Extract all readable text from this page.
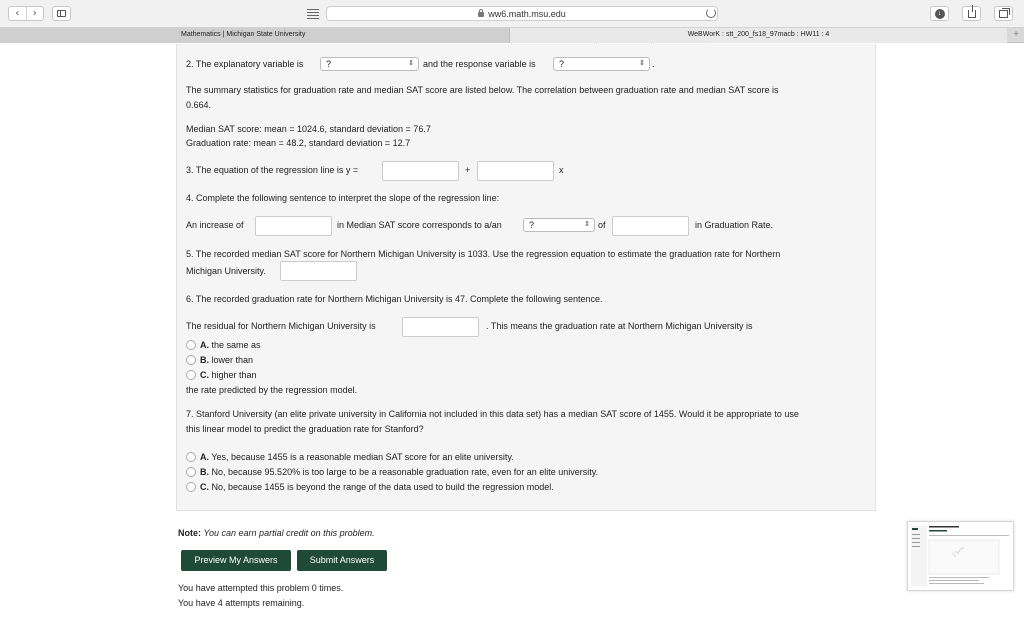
‹	›	ww6.math.msu.edu	↓
Mathematics | Michigan State University	WeBWorK : stt_200_fs18_97macb : HW11 : 4	+
2. The explanatory variable is	?	⇕ and the response variable is	?	⇕ .
The summary statistics for graduation rate and median SAT score are listed below. The correlation between graduation rate and median SAT score is
0.664.
Median SAT score: mean = 1024.6, standard deviation = 76.7
Graduation rate: mean = 48.2, standard deviation = 12.7
3. The equation of the regression line is y =	+	x
4. Complete the following sentence to interpret the slope of the regression line:
An increase of	in Median SAT score corresponds to a/an	?	⇕ of	in Graduation Rate.
5. The recorded median SAT score for Northern Michigan University is 1033. Use the regression equation to estimate the graduation rate for Northern
Michigan University.
6. The recorded graduation rate for Northern Michigan University is 47. Complete the following sentence.
The residual for Northern Michigan University is	. This means the graduation rate at Northern Michigan University is
A. the same as
B. lower than
C. higher than
the rate predicted by the regression model.
7. Stanford University (an elite private university in California not included in this data set) has a median SAT score of 1455. Would it be appropriate to use
this linear model to predict the graduation rate for Stanford?
A. Yes, because 1455 is a reasonable median SAT score for an elite university.
B. No, because 95.520% is too large to be a reasonable graduation rate, even for an elite university.
C. No, because 1455 is beyond the range of the data used to build the regression model.
Note: You can earn partial credit on this problem.
Preview My Answers	Submit Answers
You have attempted this problem 0 times.
You have 4 attempts remaining.
